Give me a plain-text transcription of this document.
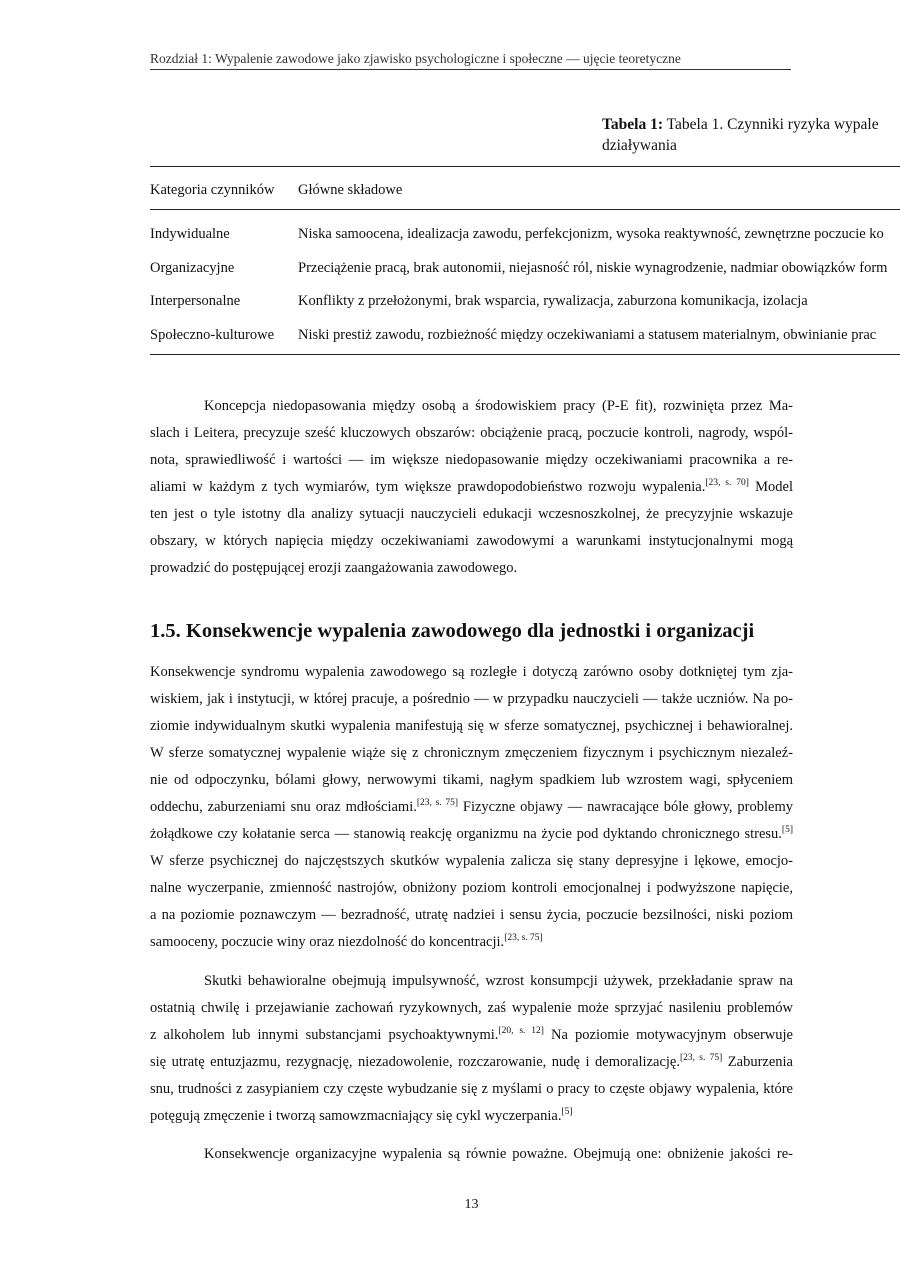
Rozdział 1: Wypalenie zawodowe jako zjawisko psychologiczne i społeczne — ujęcie teoretyczne
Tabela 1: Tabela 1. Czynniki ryzyka wypale
działywania
Kategoria czynników	Główne składowe
Indywidualne	Niska samoocena, idealizacja zawodu, perfekcjonizm, wysoka reaktywność, zewnętrzne poczucie ko
Organizacyjne	Przeciążenie pracą, brak autonomii, niejasność ról, niskie wynagrodzenie, nadmiar obowiązków form
Interpersonalne	Konflikty z przełożonymi, brak wsparcia, rywalizacja, zaburzona komunikacja, izolacja
Społeczno-kulturowe	Niski prestiż zawodu, rozbieżność między oczekiwaniami a statusem materialnym, obwinianie prac
Koncepcja niedopasowania między osobą a środowiskiem pracy (P-E fit), rozwinięta przez Ma-
slach i Leitera, precyzuje sześć kluczowych obszarów: obciążenie pracą, poczucie kontroli, nagrody, wspól-
nota, sprawiedliwość i wartości — im większe niedopasowanie między oczekiwaniami pracownika a re-
aliami w każdym z tych wymiarów, tym większe prawdopodobieństwo rozwoju wypalenia.[23, s. 70] Model
ten jest o tyle istotny dla analizy sytuacji nauczycieli edukacji wczesnoszkolnej, że precyzyjnie wskazuje
obszary, w których napięcia między oczekiwaniami zawodowymi a warunkami instytucjonalnymi mogą
prowadzić do postępującej erozji zaangażowania zawodowego.
1.5. Konsekwencje wypalenia zawodowego dla jednostki i organizacji
Konsekwencje syndromu wypalenia zawodowego są rozległe i dotyczą zarówno osoby dotkniętej tym zja-
wiskiem, jak i instytucji, w której pracuje, a pośrednio — w przypadku nauczycieli — także uczniów. Na po-
ziomie indywidualnym skutki wypalenia manifestują się w sferze somatycznej, psychicznej i behawioralnej.
W sferze somatycznej wypalenie wiąże się z chronicznym zmęczeniem fizycznym i psychicznym niezaleź-
nie od odpoczynku, bólami głowy, nerwowymi tikami, nagłym spadkiem lub wzrostem wagi, spłyceniem
oddechu, zaburzeniami snu oraz mdłościami.[23, s. 75] Fizyczne objawy — nawracające bóle głowy, problemy
żołądkowe czy kołatanie serca — stanowią reakcję organizmu na życie pod dyktando chronicznego stresu.[5]
W sferze psychicznej do najczęstszych skutków wypalenia zalicza się stany depresyjne i lękowe, emocjo-
nalne wyczerpanie, zmienność nastrojów, obniżony poziom kontroli emocjonalnej i podwyższone napięcie,
a na poziomie poznawczym — bezradność, utratę nadziei i sensu życia, poczucie bezsilności, niski poziom
samooceny, poczucie winy oraz niezdolność do koncentracji.[23, s. 75]
Skutki behawioralne obejmują impulsywność, wzrost konsumpcji używek, przekładanie spraw na
ostatnią chwilę i przejawianie zachowań ryzykownych, zaś wypalenie może sprzyjać nasileniu problemów
z alkoholem lub innymi substancjami psychoaktywnymi.[20, s. 12] Na poziomie motywacyjnym obserwuje
się utratę entuzjazmu, rezygnację, niezadowolenie, rozczarowanie, nudę i demoralizację.[23, s. 75] Zaburzenia
snu, trudności z zasypianiem czy częste wybudzanie się z myślami o pracy to częste objawy wypalenia, które
potęgują zmęczenie i tworzą samowzmacniający się cykl wyczerpania.[5]
Konsekwencje organizacyjne wypalenia są równie poważne. Obejmują one: obniżenie jakości re-
13
